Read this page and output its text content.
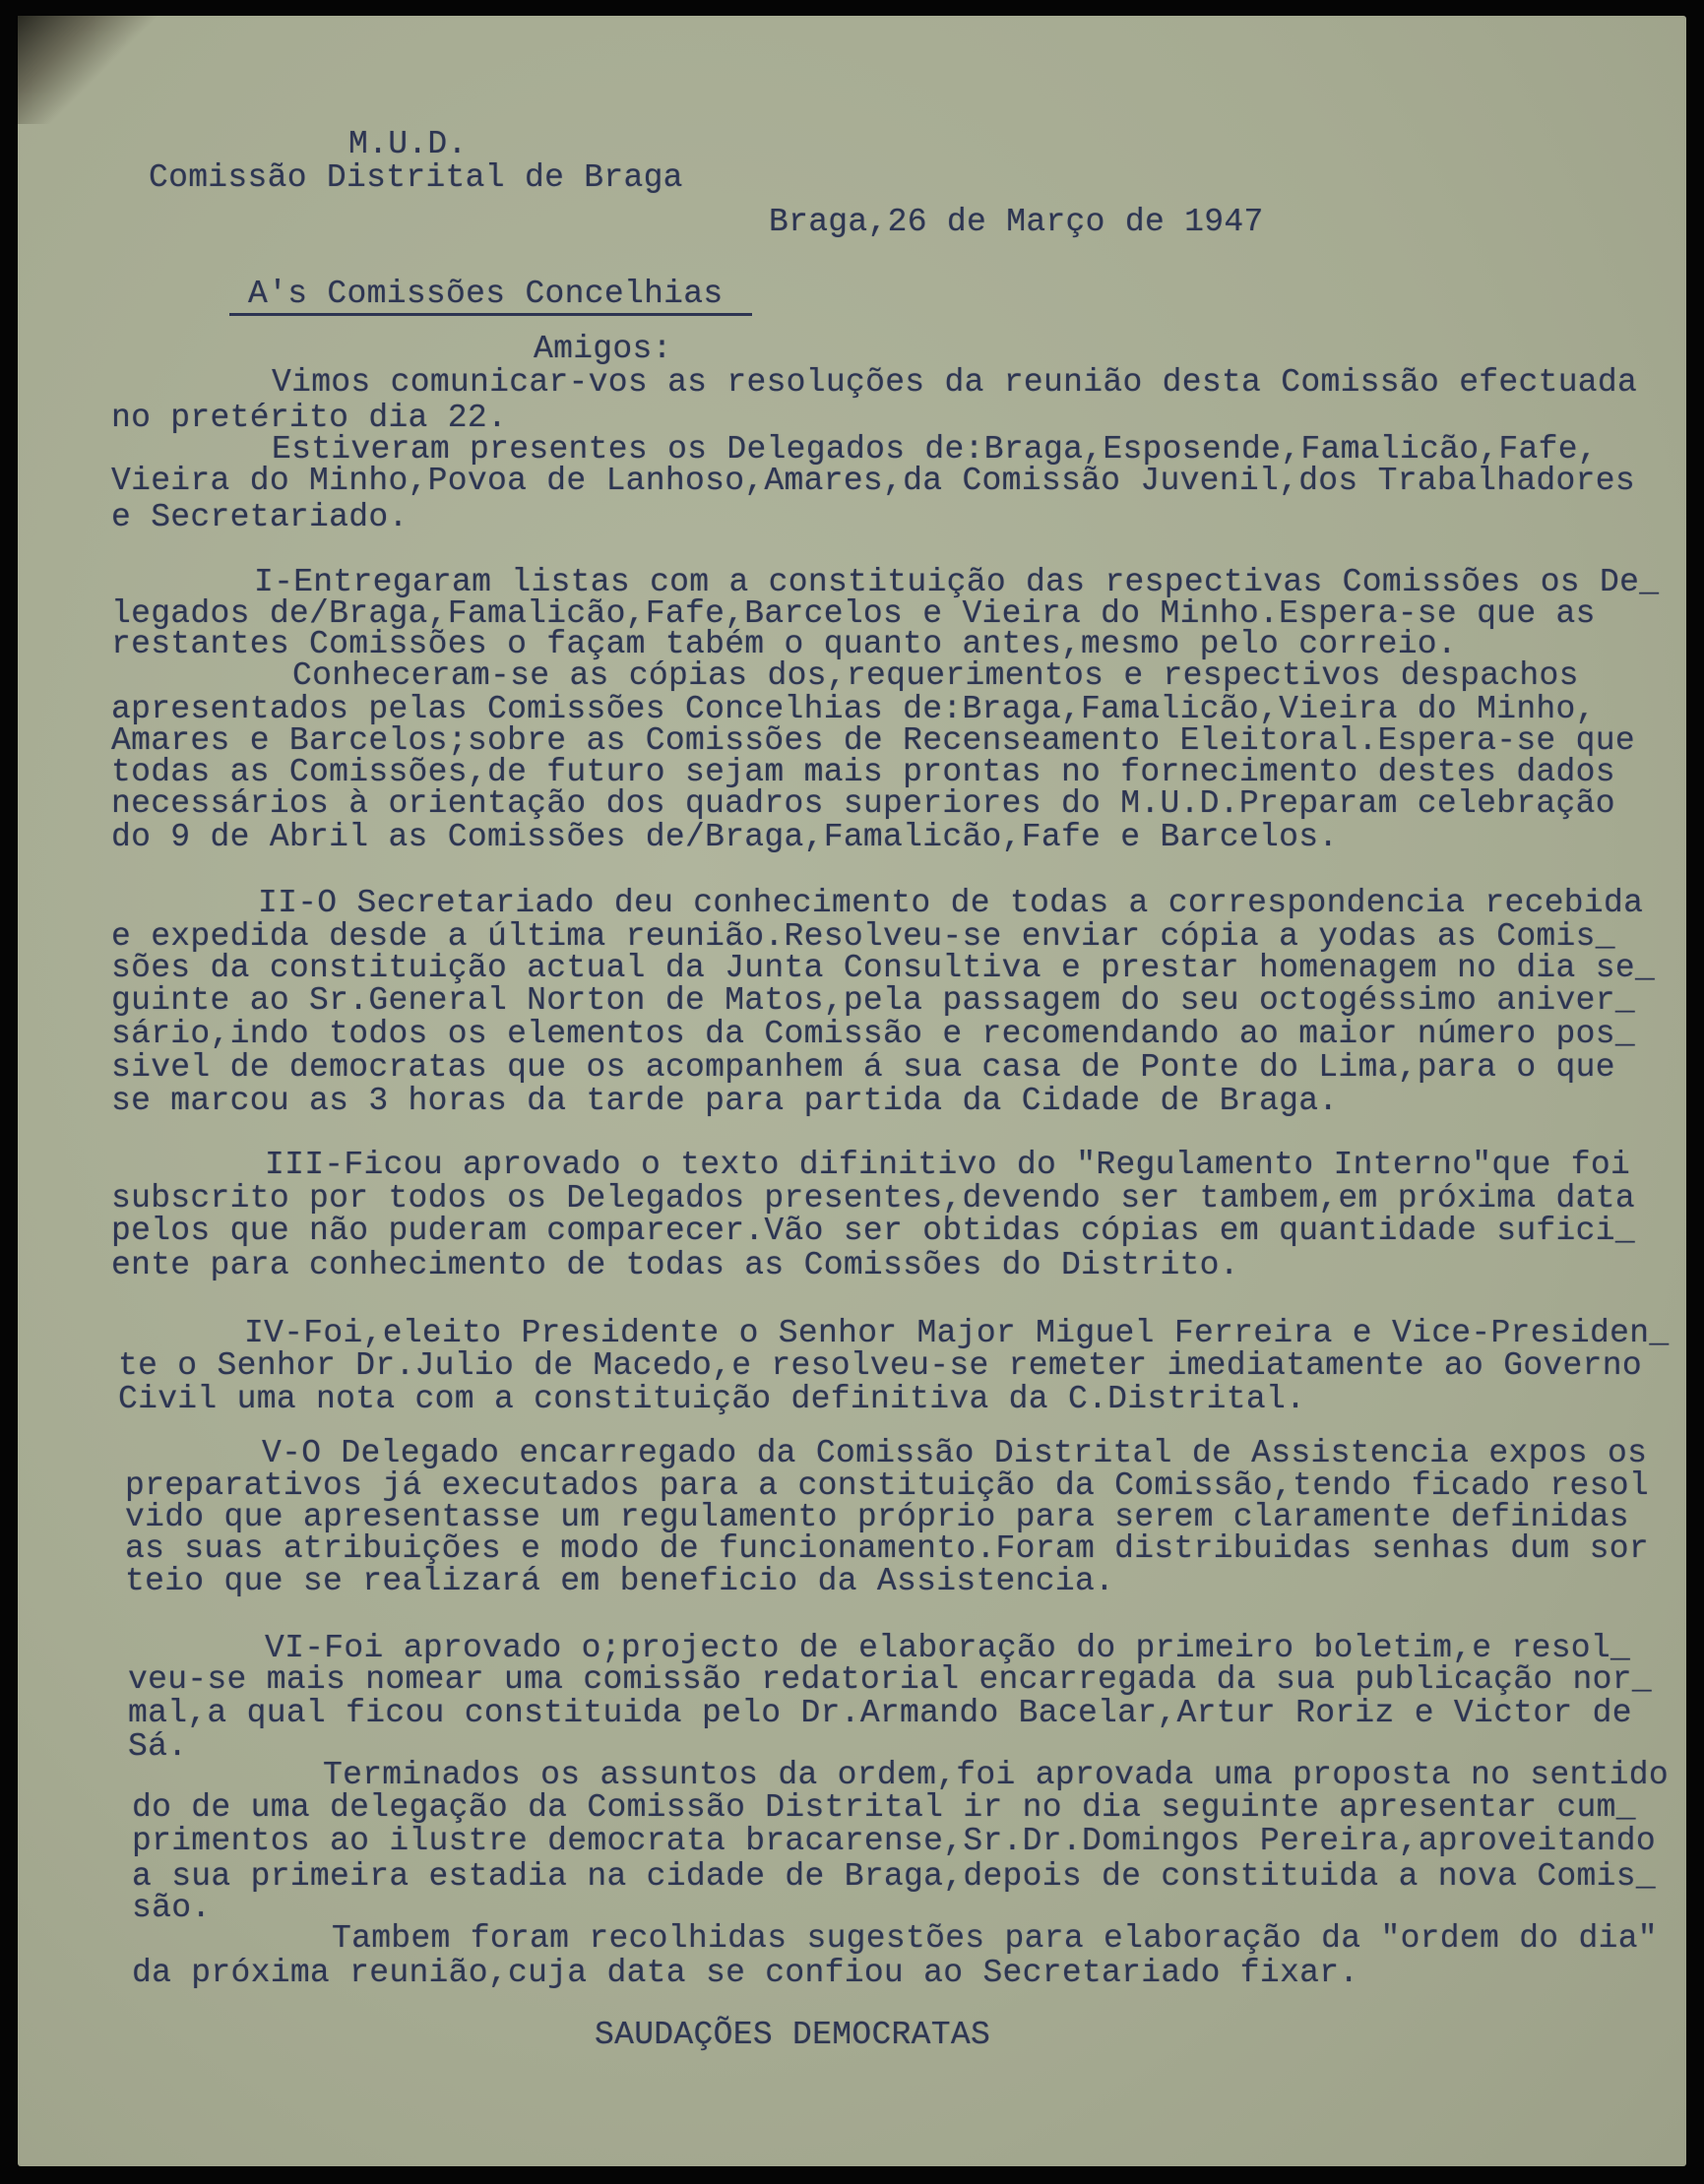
M.U.D.
Comissão Distrital de Braga
Braga,26 de Março de 1947
A's Comissões Concelhias
Amigos:
Vimos comunicar-vos as resoluções da reunião desta Comissão efectuada
no pretérito dia 22.
Estiveram presentes os Delegados de:Braga,Esposende,Famalicão,Fafe,
Vieira do Minho,Povoa de Lanhoso,Amares,da Comissão Juvenil,dos Trabalhadores
e Secretariado.
I-Entregaram listas com a constituição das respectivas Comissões os De_
legados de/Braga,Famalicão,Fafe,Barcelos e Vieira do Minho.Espera-se que as
restantes Comissões o façam tabém o quanto antes,mesmo pelo correio.
Conheceram-se as cópias dos,requerimentos e respectivos despachos
apresentados pelas Comissões Concelhias de:Braga,Famalicão,Vieira do Minho,
Amares e Barcelos;sobre as Comissões de Recenseamento Eleitoral.Espera-se que
todas as Comissões,de futuro sejam mais prontas no fornecimento destes dados
necessários à orientação dos quadros superiores do M.U.D.Preparam celebração
do 9 de Abril as Comissões de/Braga,Famalicão,Fafe e Barcelos.
II-O Secretariado deu conhecimento de todas a correspondencia recebida
e expedida desde a última reunião.Resolveu-se enviar cópia a yodas as Comis_
sões da constituição actual da Junta Consultiva e prestar homenagem no dia se_
guinte ao Sr.General Norton de Matos,pela passagem do seu octogéssimo aniver_
sário,indo todos os elementos da Comissão e recomendando ao maior número pos_
sivel de democratas que os acompanhem á sua casa de Ponte do Lima,para o que
se marcou as 3 horas da tarde para partida da Cidade de Braga.
III-Ficou aprovado o texto difinitivo do "Regulamento Interno"que foi
subscrito por todos os Delegados presentes,devendo ser tambem,em próxima data
pelos que não puderam comparecer.Vão ser obtidas cópias em quantidade sufici_
ente para conhecimento de todas as Comissões do Distrito.
IV-Foi,eleito Presidente o Senhor Major Miguel Ferreira e Vice-Presiden_
te o Senhor Dr.Julio de Macedo,e resolveu-se remeter imediatamente ao Governo
Civil uma nota com a constituição definitiva da C.Distrital.
V-O Delegado encarregado da Comissão Distrital de Assistencia expos os
preparativos já executados para a constituição da Comissão,tendo ficado resol
vido que apresentasse um regulamento próprio para serem claramente definidas
as suas atribuições e modo de funcionamento.Foram distribuidas senhas dum sor
teio que se realizará em beneficio da Assistencia.
VI-Foi aprovado o;projecto de elaboração do primeiro boletim,e resol_
veu-se mais nomear uma comissão redatorial encarregada da sua publicação nor_
mal,a qual ficou constituida pelo Dr.Armando Bacelar,Artur Roriz e Victor de
Sá.
Terminados os assuntos da ordem,foi aprovada uma proposta no sentido
do de uma delegação da Comissão Distrital ir no dia seguinte apresentar cum_
primentos ao ilustre democrata bracarense,Sr.Dr.Domingos Pereira,aproveitando
a sua primeira estadia na cidade de Braga,depois de constituida a nova Comis_
são.
Tambem foram recolhidas sugestões para elaboração da "ordem do dia"
da próxima reunião,cuja data se confiou ao Secretariado fixar.
SAUDAÇÕES DEMOCRATAS
